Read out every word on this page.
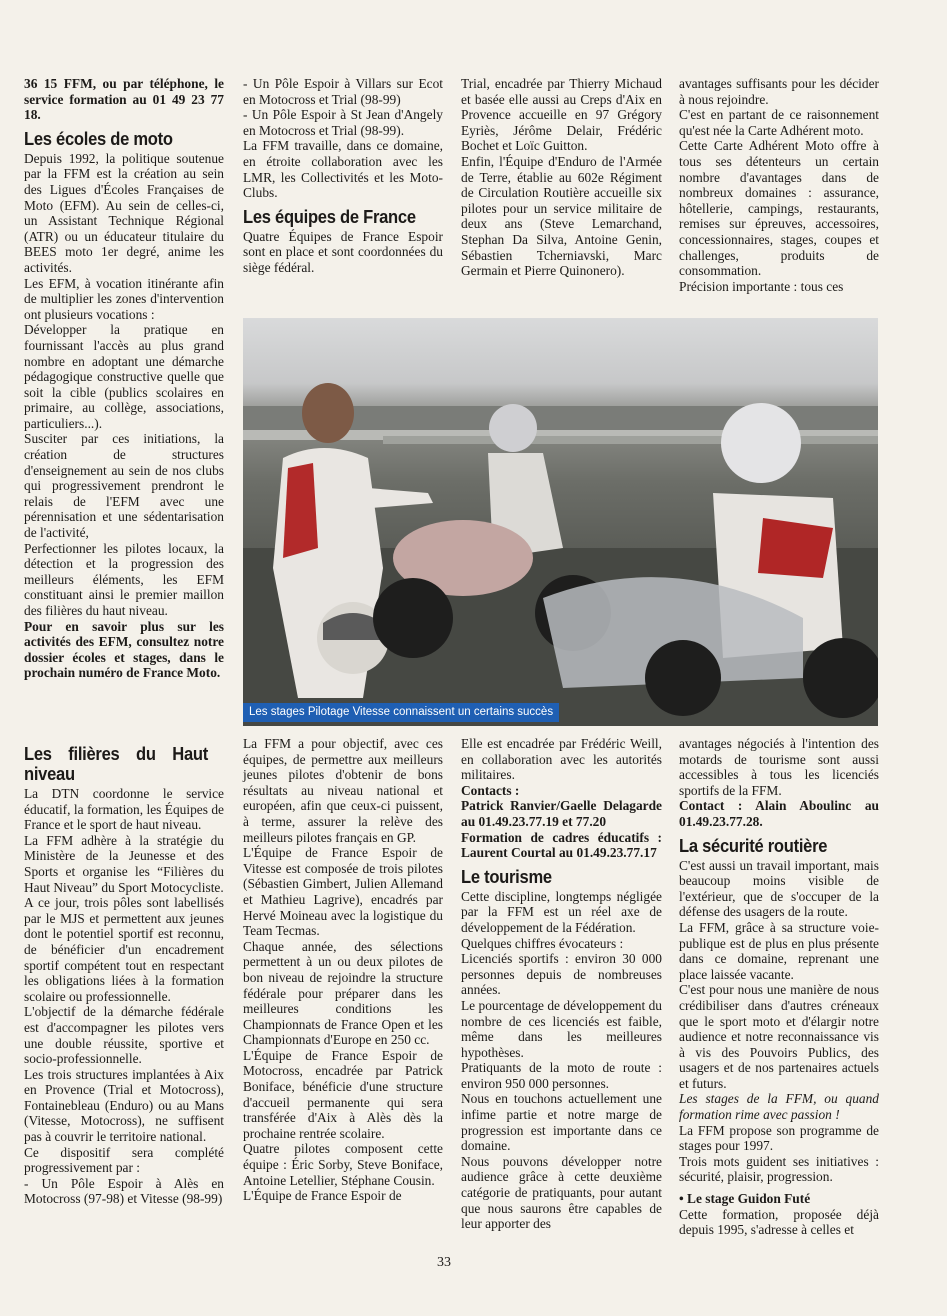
36 15 FFM, ou par téléphone, le service formation au 01 49 23 77 18.

Les écoles de moto

Depuis 1992, la politique soutenue par la FFM est la création au sein des Ligues d'Écoles Françaises de Moto (EFM). Au sein de celles-ci, un Assistant Technique Régional (ATR) ou un éducateur titulaire du BEES moto 1er degré, anime les activités.

Les EFM, à vocation itinérante afin de multiplier les zones d'intervention ont plusieurs vocations :

Développer la pratique en fournissant l'accès au plus grand nombre en adoptant une démarche pédagogique constructive quelle que soit la cible (publics scolaires en primaire, au collège, associations, particuliers...).

Susciter par ces initiations, la création de structures d'enseignement au sein de nos clubs qui progressivement prendront le relais de l'EFM avec une pérennisation et une sédentarisation de l'activité,

Perfectionner les pilotes locaux, la détection et la progression des meilleurs éléments, les EFM constituant ainsi le premier maillon des filières du haut niveau.

Pour en savoir plus sur les activités des EFM, consultez notre dossier écoles et stages, dans le prochain numéro de France Moto.

- Un Pôle Espoir à Villars sur Ecot en Motocross et Trial (98-99)

- Un Pôle Espoir à St Jean d'Angely en Motocross et Trial (98-99).

La FFM travaille, dans ce domaine, en étroite collaboration avec les LMR, les Collectivités et les Moto-Clubs.

Les équipes de France

Quatre Équipes de France Espoir sont en place et sont coordonnées du siège fédéral.

Trial, encadrée par Thierry Michaud et basée elle aussi au Creps d'Aix en Provence accueille en 97 Grégory Eyriès, Jérôme Delair, Frédéric Bochet et Loïc Guitton.

Enfin, l'Équipe d'Enduro de l'Armée de Terre, établie au 602e Régiment de Circulation Routière accueille six pilotes pour un service militaire de deux ans (Steve Lemarchand, Stephan Da Silva, Antoine Genin, Sébastien Tcherniavski, Marc Germain et Pierre Quinonero).

avantages suffisants pour les décider à nous rejoindre.

C'est en partant de ce raisonnement qu'est née la Carte Adhérent moto.

Cette Carte Adhérent Moto offre à tous ses détenteurs un certain nombre d'avantages dans de nombreux domaines : assurance, hôtellerie, campings, restaurants, remises sur épreuves, accessoires, concessionnaires, stages, coupes et challenges, produits de consommation.

Précision importante : tous ces

Les stages Pilotage Vitesse connaissent un certains succès
Les filières du Haut niveau

La DTN coordonne le service éducatif, la formation, les Équipes de France et le sport de haut niveau.

La FFM adhère à la stratégie du Ministère de la Jeunesse et des Sports et organise les “Filières du Haut Niveau” du Sport Motocycliste.

A ce jour, trois pôles sont labellisés par le MJS et permettent aux jeunes dont le potentiel sportif est reconnu, de bénéficier d'un encadrement sportif compétent tout en respectant les obligations liées à la formation scolaire ou professionnelle.

L'objectif de la démarche fédérale est d'accompagner les pilotes vers une double réussite, sportive et socio-professionnelle.

Les trois structures implantées à Aix en Provence (Trial et Motocross), Fontainebleau (Enduro) ou au Mans (Vitesse, Motocross), ne suffisent pas à couvrir le territoire national.

Ce dispositif sera complété progressivement par :

- Un Pôle Espoir à Alès en Motocross (97-98) et Vitesse (98-99)

La FFM a pour objectif, avec ces équipes, de permettre aux meilleurs jeunes pilotes d'obtenir de bons résultats au niveau national et européen, afin que ceux-ci puissent, à terme, assurer la relève des meilleurs pilotes français en GP.

L'Équipe de France Espoir de Vitesse est composée de trois pilotes (Sébastien Gimbert, Julien Allemand et Mathieu Lagrive), encadrés par Hervé Moineau avec la logistique du Team Tecmas.

Chaque année, des sélections permettent à un ou deux pilotes de bon niveau de rejoindre la structure fédérale pour préparer dans les meilleures conditions les Championnats de France Open et les Championnats d'Europe en 250 cc.

L'Équipe de France Espoir de Motocross, encadrée par Patrick Boniface, bénéficie d'une structure d'accueil permanente qui sera transférée d'Aix à Alès dès la prochaine rentrée scolaire.

Quatre pilotes composent cette équipe : Éric Sorby, Steve Boniface, Antoine Letellier, Stéphane Cousin.

L'Équipe de France Espoir de

Elle est encadrée par Frédéric Weill, en collaboration avec les autorités militaires.

Contacts :

Patrick Ranvier/Gaelle Delagarde au 01.49.23.77.19 et 77.20

Formation de cadres éducatifs : Laurent Courtal au 01.49.23.77.17

Le tourisme

Cette discipline, longtemps négligée par la FFM est un réel axe de développement de la Fédération.

Quelques chiffres évocateurs :

Licenciés sportifs : environ 30 000 personnes depuis de nombreuses années.

Le pourcentage de développement du nombre de ces licenciés est faible, même dans les meilleures hypothèses.

Pratiquants de la moto de route : environ 950 000 personnes.

Nous en touchons actuellement une infime partie et notre marge de progression est importante dans ce domaine.

Nous pouvons développer notre audience grâce à cette deuxième catégorie de pratiquants, pour autant que nous saurons être capables de leur apporter des

avantages négociés à l'intention des motards de tourisme sont aussi accessibles à tous les licenciés sportifs de la FFM.

Contact : Alain Aboulinc au 01.49.23.77.28.

La sécurité routière

C'est aussi un travail important, mais beaucoup moins visible de l'extérieur, que de s'occuper de la défense des usagers de la route.

La FFM, grâce à sa structure voie-publique est de plus en plus présente dans ce domaine, reprenant une place laissée vacante.

C'est pour nous une manière de nous crédibiliser dans d'autres créneaux que le sport moto et d'élargir notre audience et notre reconnaissance vis à vis des Pouvoirs Publics, des usagers et de nos partenaires actuels et futurs.

Les stages de la FFM, ou quand formation rime avec passion !

La FFM propose son programme de stages pour 1997.

Trois mots guident ses initiatives : sécurité, plaisir, progression.

• Le stage Guidon Futé

Cette formation, proposée déjà depuis 1995, s'adresse à celles et

33
